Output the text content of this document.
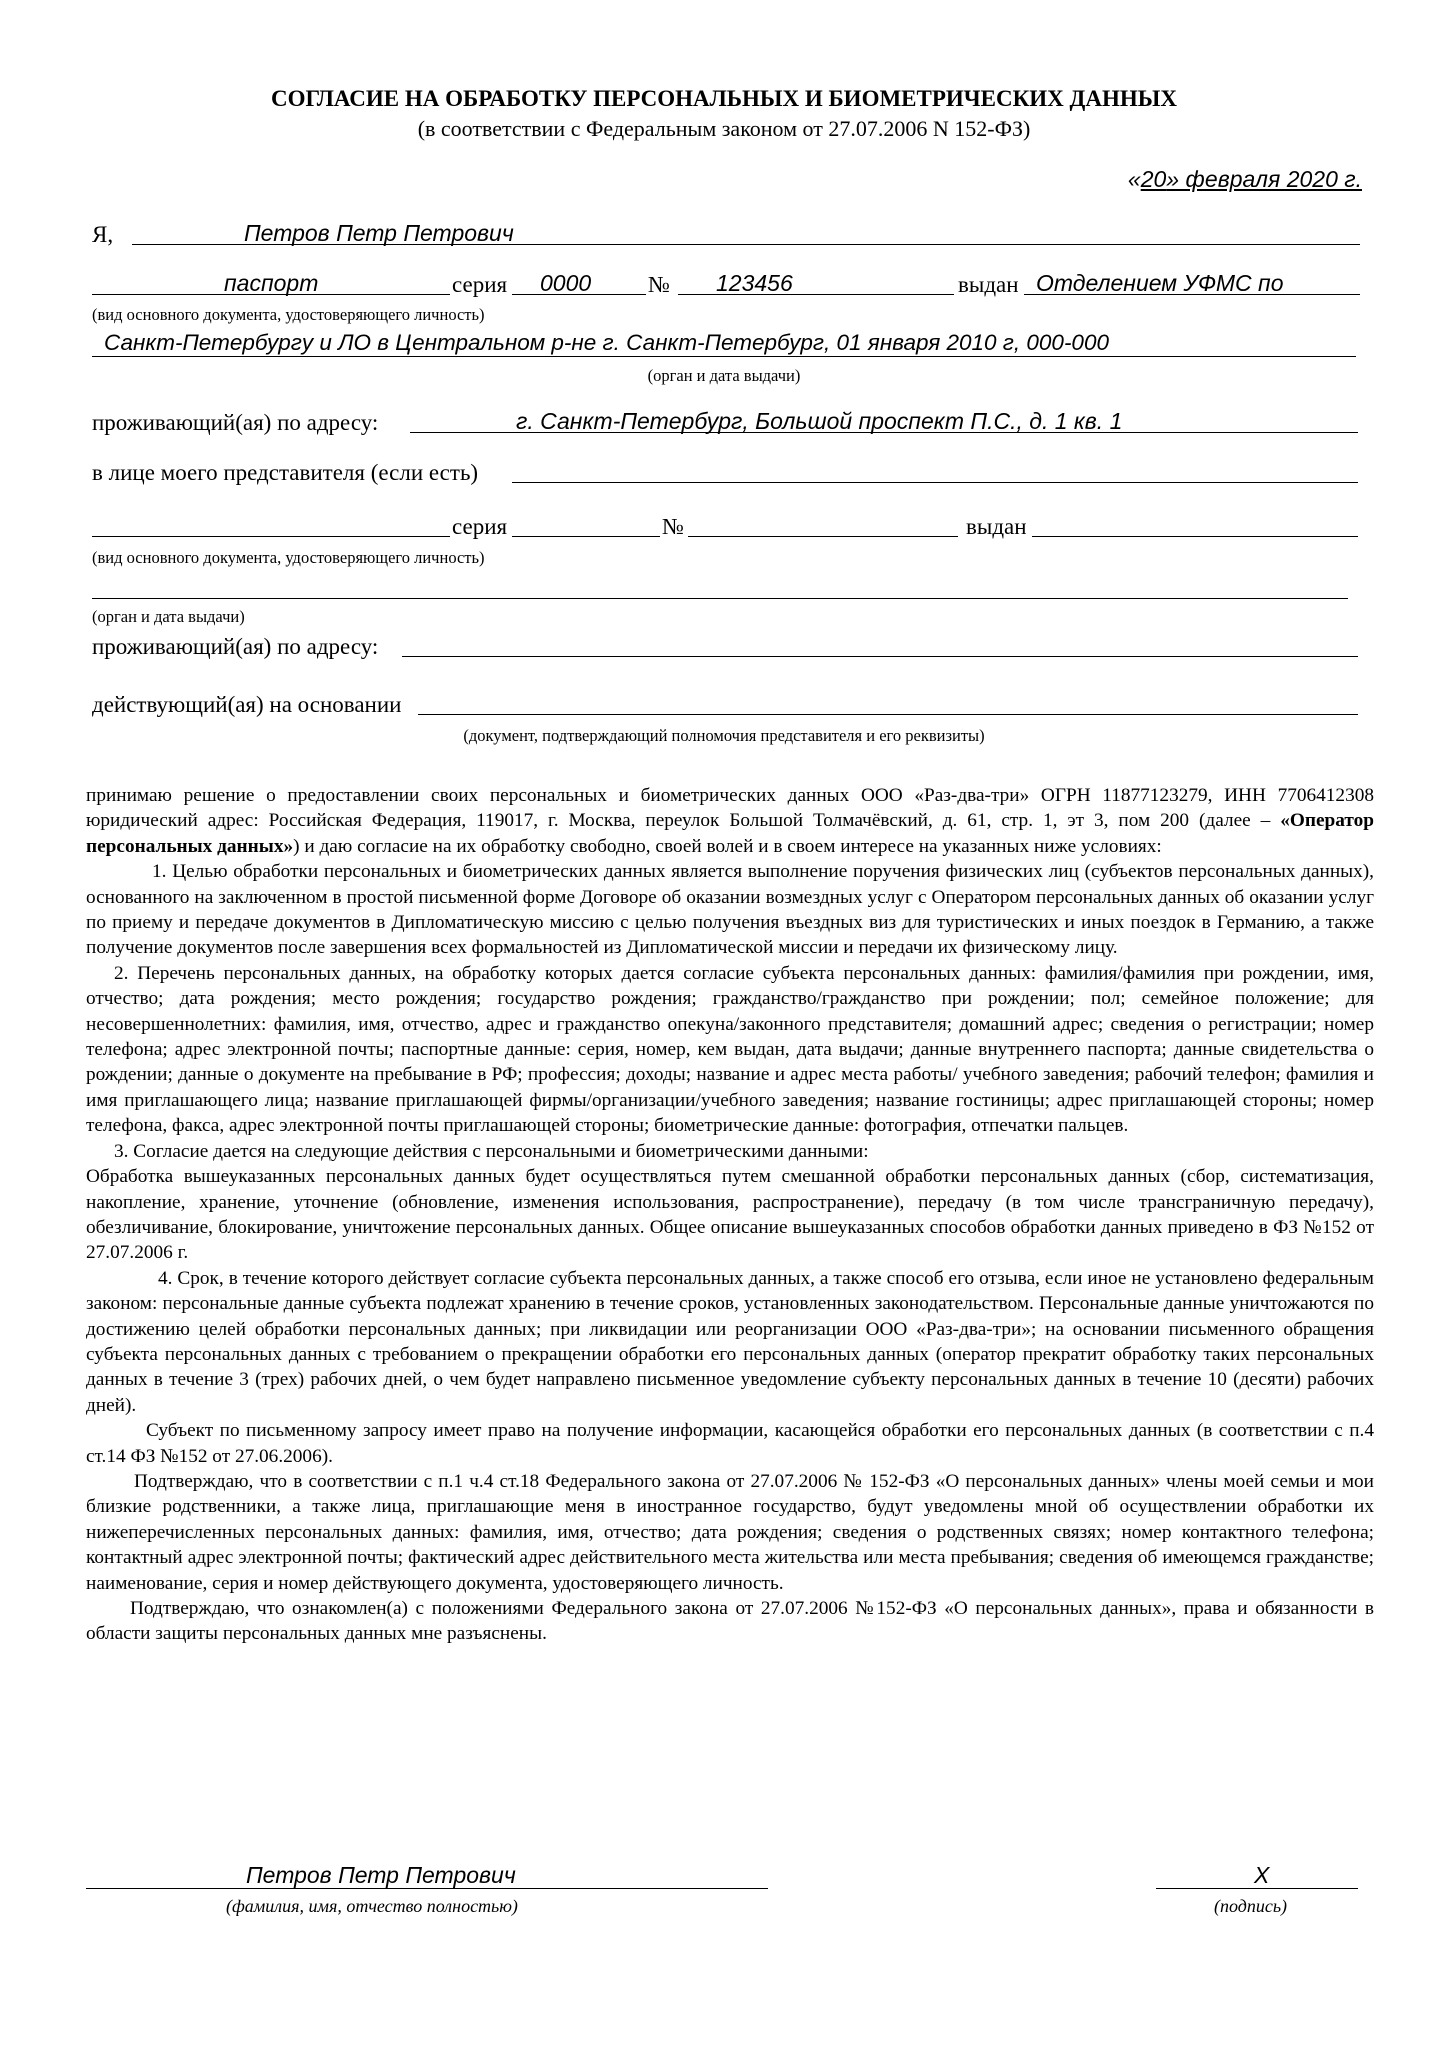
СОГЛАСИЕ НА ОБРАБОТКУ ПЕРСОНАЛЬНЫХ И БИОМЕТРИЧЕСКИХ ДАННЫХ
(в соответствии с Федеральным законом от 27.07.2006 N 152-ФЗ)
«20» февраля 2020 г.
Я,	Петров Петр Петрович
паспорт	серия 0000 № 123456	выдан Отделением УФМС по
(вид основного документа, удостоверяющего личность)
Санкт-Петербургу и ЛО в Центральном р-не г. Санкт-Петербург, 01 января 2010 г, 000-000
(орган и дата выдачи)
проживающий(ая) по адресу:	г. Санкт-Петербург, Большой проспект П.С., д. 1 кв. 1
в лице моего представителя (если есть)
серия	№	выдан
(вид основного документа, удостоверяющего личность)
(орган и дата выдачи)
проживающий(ая) по адресу:
действующий(ая) на основании
(документ, подтверждающий полномочия представителя и его реквизиты)

принимаю решение о предоставлении своих персональных и биометрических данных ООО «Раз-два-три» ОГРН 11877123279, ИНН 7706412308 юридический адрес: Российская Федерация, 119017, г. Москва, переулок Большой Толмачёвский, д. 61, стр. 1, эт 3, пом 200 (далее – «Оператор персональных данных») и даю согласие на их обработку свободно, своей волей и в своем интересе на указанных ниже условиях:

1. Целью обработки персональных и биометрических данных является выполнение поручения физических лиц (субъектов персональных данных), основанного на заключенном в простой письменной форме Договоре об оказании возмездных услуг с Оператором персональных данных об оказании услуг по приему и передаче документов в Дипломатическую миссию с целью получения въездных виз для туристических и иных поездок в Германию, а также получение документов после завершения всех формальностей из Дипломатической миссии и передачи их физическому лицу.

2. Перечень персональных данных, на обработку которых дается согласие субъекта персональных данных: фамилия/фамилия при рождении, имя, отчество; дата рождения; место рождения; государство рождения; гражданство/гражданство при рождении; пол; семейное положение; для несовершеннолетних: фамилия, имя, отчество, адрес и гражданство опекуна/законного представителя; домашний адрес; сведения о регистрации; номер телефона; адрес электронной почты; паспортные данные: серия, номер, кем выдан, дата выдачи; данные внутреннего паспорта; данные свидетельства о рождении; данные о документе на пребывание в РФ; профессия; доходы; название и адрес места работы/ учебного заведения; рабочий телефон; фамилия и имя приглашающего лица; название приглашающей фирмы/организации/учебного заведения; название гостиницы; адрес приглашающей стороны; номер телефона, факса, адрес электронной почты приглашающей стороны; биометрические данные: фотография, отпечатки пальцев.

3. Согласие дается на следующие действия с персональными и биометрическими данными:

Обработка вышеуказанных персональных данных будет осуществляться путем смешанной обработки персональных данных (сбор, систематизация, накопление, хранение, уточнение (обновление, изменения использования, распространение), передачу (в том числе трансграничную передачу), обезличивание, блокирование, уничтожение персональных данных. Общее описание вышеуказанных способов обработки данных приведено в ФЗ №152 от 27.07.2006 г.

4. Срок, в течение которого действует согласие субъекта персональных данных, а также способ его отзыва, если иное не установлено федеральным законом: персональные данные субъекта подлежат хранению в течение сроков, установленных законодательством. Персональные данные уничтожаются по достижению целей обработки персональных данных; при ликвидации или реорганизации ООО «Раз-два-три»; на основании письменного обращения субъекта персональных данных с требованием о прекращении обработки его персональных данных (оператор прекратит обработку таких персональных данных в течение 3 (трех) рабочих дней, о чем будет направлено письменное уведомление субъекту персональных данных в течение 10 (десяти) рабочих дней).

Субъект по письменному запросу имеет право на получение информации, касающейся обработки его персональных данных (в соответствии с п.4 ст.14 ФЗ №152 от 27.06.2006).

Подтверждаю, что в соответствии с п.1 ч.4 ст.18 Федерального закона от 27.07.2006 № 152-ФЗ «О персональных данных» члены моей семьи и мои близкие родственники, а также лица, приглашающие меня в иностранное государство, будут уведомлены мной об осуществлении обработки их нижеперечисленных персональных данных: фамилия, имя, отчество; дата рождения; сведения о родственных связях; номер контактного телефона; контактный адрес электронной почты; фактический адрес действительного места жительства или места пребывания; сведения об имеющемся гражданстве; наименование, серия и номер действующего документа, удостоверяющего личность.

Подтверждаю, что ознакомлен(а) с положениями Федерального закона от 27.07.2006 №152-ФЗ «О персональных данных», права и обязанности в области защиты персональных данных мне разъяснены.

Петров Петр Петрович
(фамилия, имя, отчество полностью)
Х
(подпись)
